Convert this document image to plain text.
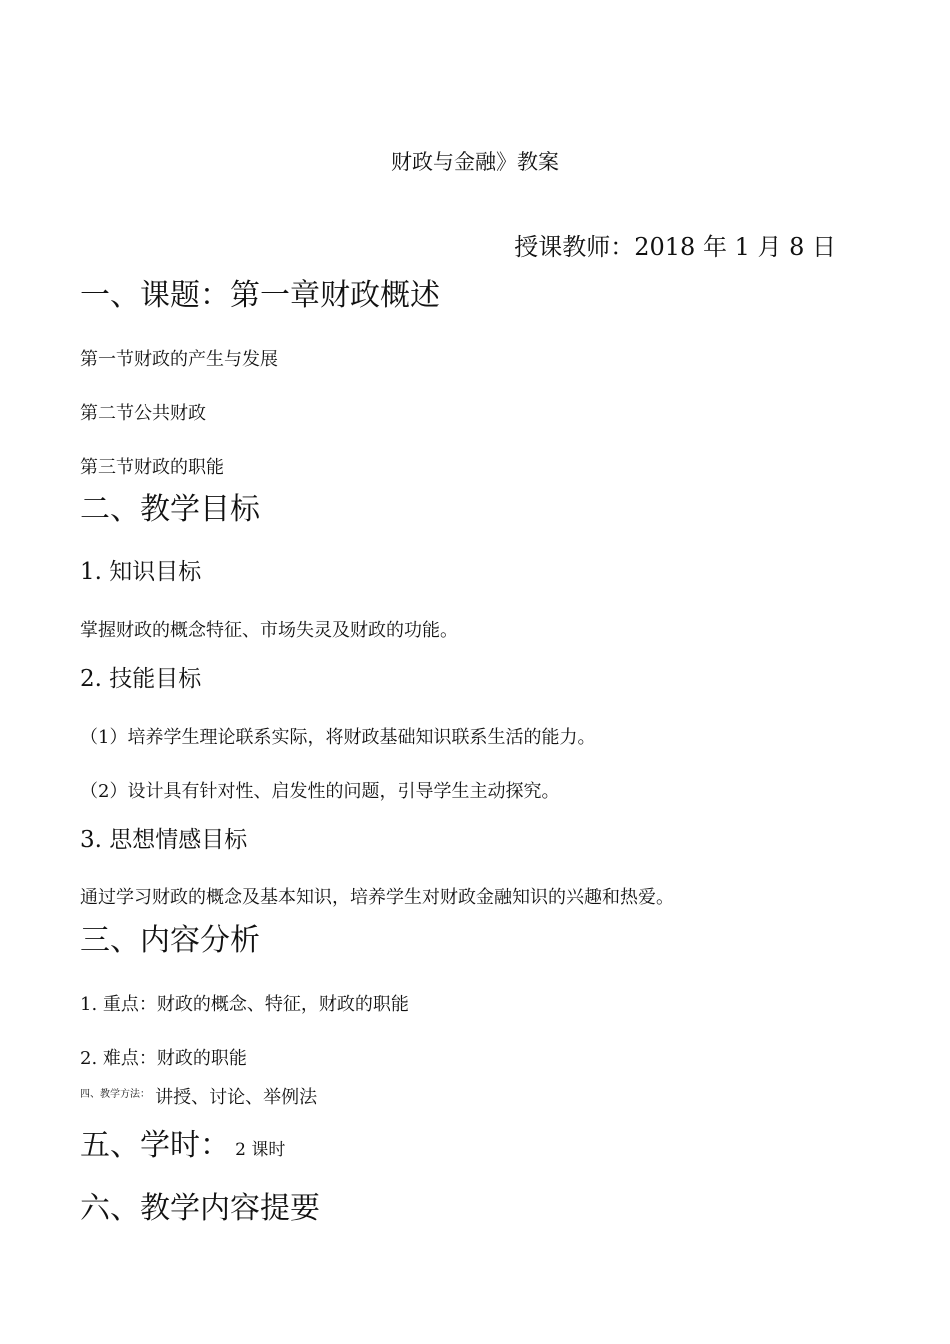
财政与金融》教案
授课教师：2018 年 1 月 8 日
一、课题：第一章财政概述
第一节财政的产生与发展
第二节公共财政
第三节财政的职能
二、教学目标
1. 知识目标
掌握财政的概念特征、市场失灵及财政的功能。
2. 技能目标
（1）培养学生理论联系实际，将财政基础知识联系生活的能力。
（2）设计具有针对性、启发性的问题，引导学生主动探究。
3. 思想情感目标
通过学习财政的概念及基本知识，培养学生对财政金融知识的兴趣和热爱。
三、内容分析
1. 重点：财政的概念、特征，财政的职能
2. 难点：财政的职能
$^{四、教学方法:}$ 讲授、讨论、举例法
五、学时： 2 课时
六、教学内容提要
